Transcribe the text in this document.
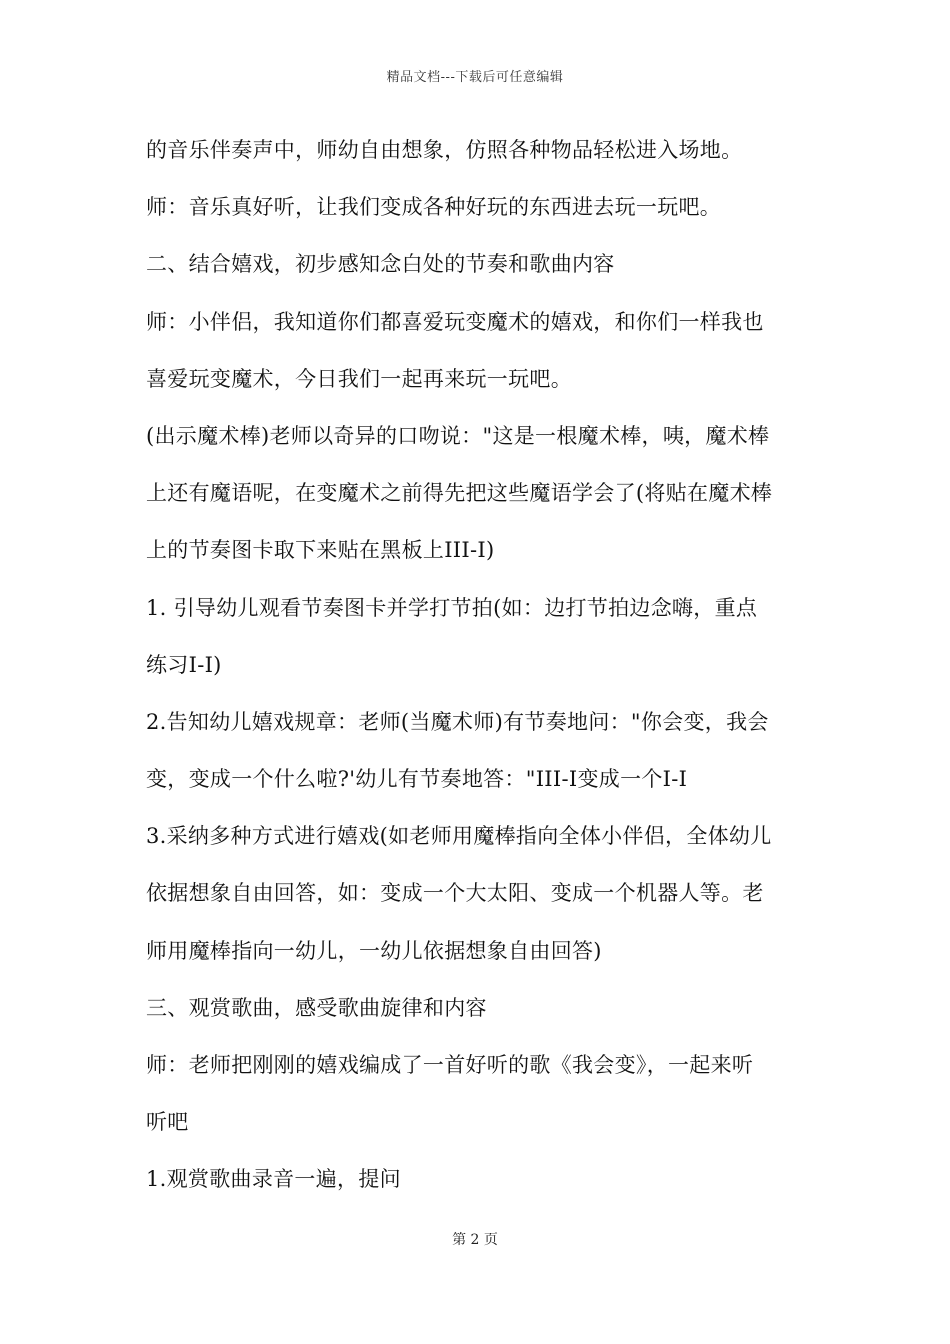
精品文档---下载后可任意编辑
的音乐伴奏声中，师幼自由想象，仿照各种物品轻松进入场地。
师：音乐真好听，让我们变成各种好玩的东西进去玩一玩吧。
二、结合嬉戏，初步感知念白处的节奏和歌曲内容
师：小伴侣，我知道你们都喜爱玩变魔术的嬉戏，和你们一样我也
喜爱玩变魔术，今日我们一起再来玩一玩吧。
(出示魔术棒)老师以奇异的口吻说："这是一根魔术棒，咦，魔术棒
上还有魔语呢，在变魔术之前得先把这些魔语学会了(将贴在魔术棒
上的节奏图卡取下来贴在黑板上III-I)
1. 引导幼儿观看节奏图卡并学打节拍(如：边打节拍边念嗨，重点
练习I-I)
2.告知幼儿嬉戏规章：老师(当魔术师)有节奏地问："你会变，我会
变，变成一个什么啦?'幼儿有节奏地答："III-I变成一个I-I
3.采纳多种方式进行嬉戏(如老师用魔棒指向全体小伴侣，全体幼儿
依据想象自由回答，如：变成一个大太阳、变成一个机器人等。老
师用魔棒指向一幼儿，一幼儿依据想象自由回答)
三、观赏歌曲，感受歌曲旋律和内容
师：老师把刚刚的嬉戏编成了一首好听的歌《我会变》，一起来听
听吧
1.观赏歌曲录音一遍，提问
第 2 页
